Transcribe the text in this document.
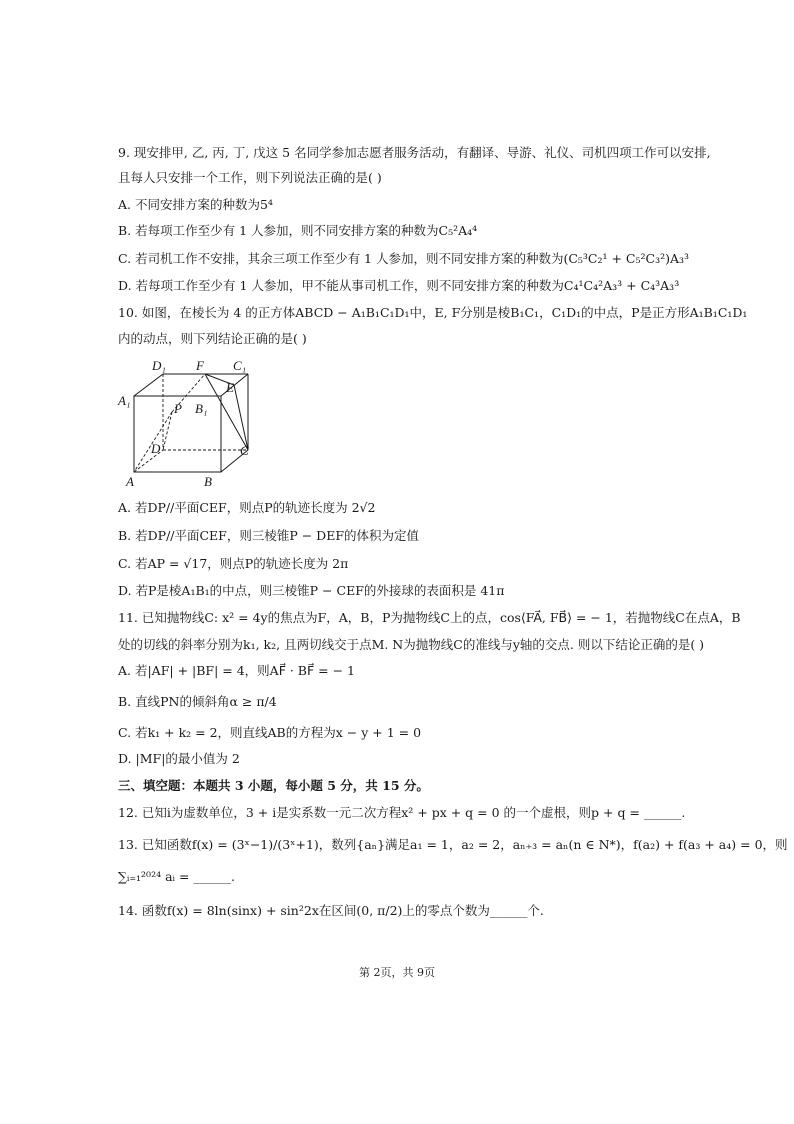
9. 现安排甲, 乙, 丙, 丁, 戊这 5 名同学参加志愿者服务活动，有翻译、导游、礼仪、司机四项工作可以安排,
且每人只安排一个工作，则下列说法正确的是( )
A. 不同安排方案的种数为5⁴
B. 若每项工作至少有 1 人参加，则不同安排方案的种数为C₅²A₄⁴
C. 若司机工作不安排，其余三项工作至少有 1 人参加，则不同安排方案的种数为(C₅³C₂¹ + C₅²C₃²)A₃³
D. 若每项工作至少有 1 人参加，甲不能从事司机工作，则不同安排方案的种数为C₄¹C₄²A₃³ + C₄³A₃³
10. 如图，在棱长为 4 的正方体ABCD − A₁B₁C₁D₁中，E, F分别是棱B₁C₁，C₁D₁的中点，P是正方形A₁B₁C₁D₁
内的动点，则下列结论正确的是( )
D₁ F C₁
E
A₁
P B₁
D	C
A	B
A. 若DP//平面CEF，则点P的轨迹长度为 2√2
B. 若DP//平面CEF，则三棱锥P − DEF的体积为定值
C. 若AP = √17，则点P的轨迹长度为 2π
D. 若P是棱A₁B₁的中点，则三棱锥P − CEF的外接球的表面积是 41π
11. 已知抛物线C: x² = 4y的焦点为F，A，B，P为抛物线C上的点，cos⟨FA⃗, FB⃗⟩ = − 1，若抛物线C在点A，B
处的切线的斜率分别为k₁, k₂, 且两切线交于点M. N为抛物线C的准线与y轴的交点. 则以下结论正确的是( )
A. 若|AF| + |BF| = 4，则AF⃗ · BF⃗ = − 1
B. 直线PN的倾斜角α ≥ π/4
C. 若k₁ + k₂ = 2，则直线AB的方程为x − y + 1 = 0
D. |MF|的最小值为 2
三、填空题：本题共 3 小题，每小题 5 分，共 15 分。
12. 已知i为虚数单位，3 + i是实系数一元二次方程x² + px + q = 0 的一个虚根，则p + q = ______.
13. 已知函数f(x) = (3ˣ−1)/(3ˣ+1)，数列{aₙ}满足a₁ = 1，a₂ = 2，aₙ₊₃ = aₙ(n ∈ N*)，f(a₂) + f(a₃ + a₄) = 0，则
∑ᵢ₌₁²⁰²⁴ aᵢ = ______.
14. 函数f(x) = 8ln(sinx) + sin²2x在区间(0, π/2)上的零点个数为______个.
第 2页，共 9页
